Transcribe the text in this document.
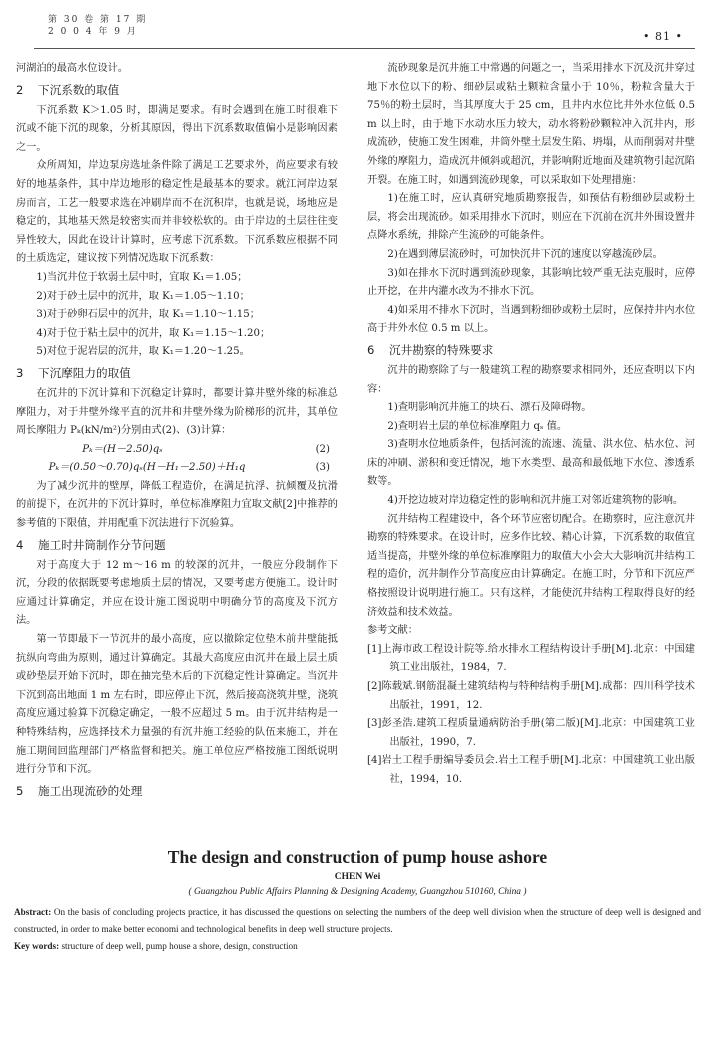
第 30 卷 第 17 期
2 0 0 4 年 9 月	• 81 •

河湖泊的最高水位设计。

2 下沉系数的取值

下沉系数 K＞1.05 时，即满足要求。有时会遇到在施工时很难下沉或不能下沉的现象，分析其原因，得出下沉系数取值偏小是影响因素之一。

众所周知，岸边泵房选址条件除了满足工艺要求外，尚应要求有较好的地基条件，其中岸边地形的稳定性是最基本的要求。就江河岸边泵房而言，工艺一般要求选在冲刷岸而不在沉积岸，也就是说，场地应是稳定的，其地基天然是较密实而并非较松软的。由于岸边的土层往往变异性较大，因此在设计计算时，应考虑下沉系数。下沉系数应根据不同的土质选定，建议按下列情况选取下沉系数：

1)当沉井位于软弱土层中时，宜取 K₁＝1.05；

2)对于砂土层中的沉井，取 K₁＝1.05～1.10；

3)对于砂卵石层中的沉井，取 K₁＝1.10～1.15；

4)对于位于粘土层中的沉井，取 K₁＝1.15～1.20；

5)对位于泥岩层的沉井，取 K₁＝1.20～1.25。

3 下沉摩阻力的取值

在沉井的下沉计算和下沉稳定计算时，都要计算井壁外缘的标准总摩阻力，对于井壁外缘平直的沉井和井壁外缘为阶梯形的沉井，其单位周长摩阻力 Pₖ(kN/m²)分别由式(2)、(3)计算：

Pₖ＝(H－2.50)qₛ	(2)
Pₖ＝(0.50～0.70)qₛ(H－H₁－2.50)＋H₁q	(3)

为了减少沉井的壁厚，降低工程造价，在满足抗浮、抗倾覆及抗滑的前提下，在沉井的下沉计算时，单位标准摩阻力宜取文献[2]中推荐的参考值的下限值，并用配重下沉法进行下沉验算。

4 施工时井筒制作分节问题

对于高度大于 12 m～16 m 的较深的沉井，一般应分段制作下沉，分段的依据既要考虑地质土层的情况，又要考虑方便施工。设计时应通过计算确定，并应在设计施工图说明中明确分节的高度及下沉方法。

第一节即最下一节沉井的最小高度，应以撤除定位垫木前井壁能抵抗纵向弯曲为原则，通过计算确定。其最大高度应由沉井在最上层土质或砂垫层开始下沉时，即在抽完垫木后的下沉稳定性计算确定。当沉井下沉到高出地面 1 m 左右时，即应停止下沉，然后接高浇筑井壁，浇筑高度应通过验算下沉稳定确定，一般不应超过 5 m。由于沉井结构是一种特殊结构，应选择技术力量强的有沉井施工经验的队伍来施工，并在施工期间回监理部门严格监督和把关。施工单位应严格按施工图纸说明进行分节和下沉。

5 施工出现流砂的处理

流砂现象是沉井施工中常遇的问题之一，当采用排水下沉及沉井穿过地下水位以下的粉、细砂层或粘土颗粒含量小于 10％，粉粒含量大于 75％的粉土层时，当其厚度大于 25 cm，且井内水位比井外水位低 0.5 m 以上时，由于地下水动水压力较大，动水将粉砂颗粒冲入沉井内，形成流砂，使施工发生困难，井筒外壁土层发生陷、坍塌，从而削弱对井壁外缘的摩阻力，造成沉井倾斜或超沉，并影响附近地面及建筑物引起沉陷开裂。在施工时，如遇到流砂现象，可以采取如下处理措施：

1)在施工时，应认真研究地质勘察报告，如预估有粉细砂层或粉土层，将会出现流砂。如采用排水下沉时，则应在下沉前在沉井外围设置井点降水系统，排除产生流砂的可能条件。

2)在遇到薄层流砂时，可加快沉井下沉的速度以穿越流砂层。

3)如在排水下沉时遇到流砂现象，其影响比较严重无法克服时，应停止开挖，在井内灌水改为不排水下沉。

4)如采用不排水下沉时，当遇到粉细砂或粉土层时，应保持井内水位高于井外水位 0.5 m 以上。

6 沉井勘察的特殊要求

沉井的勘察除了与一般建筑工程的勘察要求相同外，还应查明以下内容：

1)查明影响沉井施工的块石、漂石及障碍物。

2)查明岩土层的单位标准摩阻力 qₛ 值。

3)查明水位地质条件，包括河流的流速、流量、洪水位、枯水位、河床的冲刷、淤积和变迁情况，地下水类型、最高和最低地下水位、渗透系数等。

4)开挖边坡对岸边稳定性的影响和沉井施工对邻近建筑物的影响。

沉井结构工程建设中，各个环节应密切配合。在勘察时，应注意沉井勘察的特殊要求。在设计时，应多作比较、精心计算，下沉系数的取值宜适当提高，井壁外缘的单位标准摩阻力的取值大小会大大影响沉井结构工程的造价，沉井制作分节高度应由计算确定。在施工时，分节和下沉应严格按照设计说明进行施工。只有这样，才能使沉井结构工程取得良好的经济效益和技术效益。

参考文献：

[1]上海市政工程设计院等.给水排水工程结构设计手册[M].北京：中国建筑工业出版社，1984，7.

[2]陈载斌.钢筋混凝土建筑结构与特种结构手册[M].成都：四川科学技术出版社，1991，12.

[3]彭圣浩.建筑工程质量通病防治手册(第二版)[M].北京：中国建筑工业出版社，1990，7.

[4]岩土工程手册编导委员会.岩土工程手册[M].北京：中国建筑工业出版社，1994，10.

The design and construction of pump house ashore
CHEN Wei
( Guangzhou Public Affairs Planning & Designing Academy, Guangzhou 510160, China )
Abstract: On the basis of concluding projects practice, it has discussed the questions on selecting the numbers of the deep well division when the structure of deep well is designed and constructed, in order to make better economi and technological benefits in deep well structure projects.
Key words: structure of deep well, pump house a shore, design, construction
